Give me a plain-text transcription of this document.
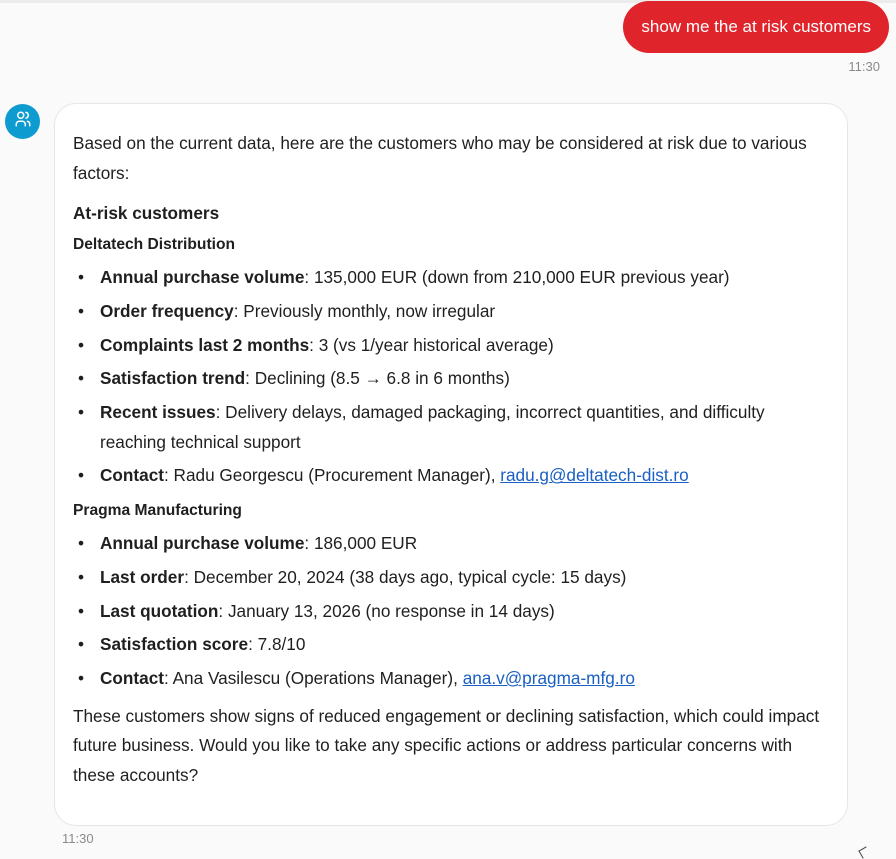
show me the at risk customers
11:30

Based on the current data, here are the customers who may be considered at risk due to various factors:

At-risk customers

Deltatech Distribution

• Annual purchase volume: 135,000 EUR (down from 210,000 EUR previous year)
• Order frequency: Previously monthly, now irregular
• Complaints last 2 months: 3 (vs 1/year historical average)
• Satisfaction trend: Declining (8.5 → 6.8 in 6 months)
• Recent issues: Delivery delays, damaged packaging, incorrect quantities, and difficulty reaching technical support
• Contact: Radu Georgescu (Procurement Manager), radu.g@deltatech-dist.ro

Pragma Manufacturing

• Annual purchase volume: 186,000 EUR
• Last order: December 20, 2024 (38 days ago, typical cycle: 15 days)
• Last quotation: January 13, 2026 (no response in 14 days)
• Satisfaction score: 7.8/10
• Contact: Ana Vasilescu (Operations Manager), ana.v@pragma-mfg.ro

These customers show signs of reduced engagement or declining satisfaction, which could impact future business. Would you like to take any specific actions or address particular concerns with these accounts?

11:30
